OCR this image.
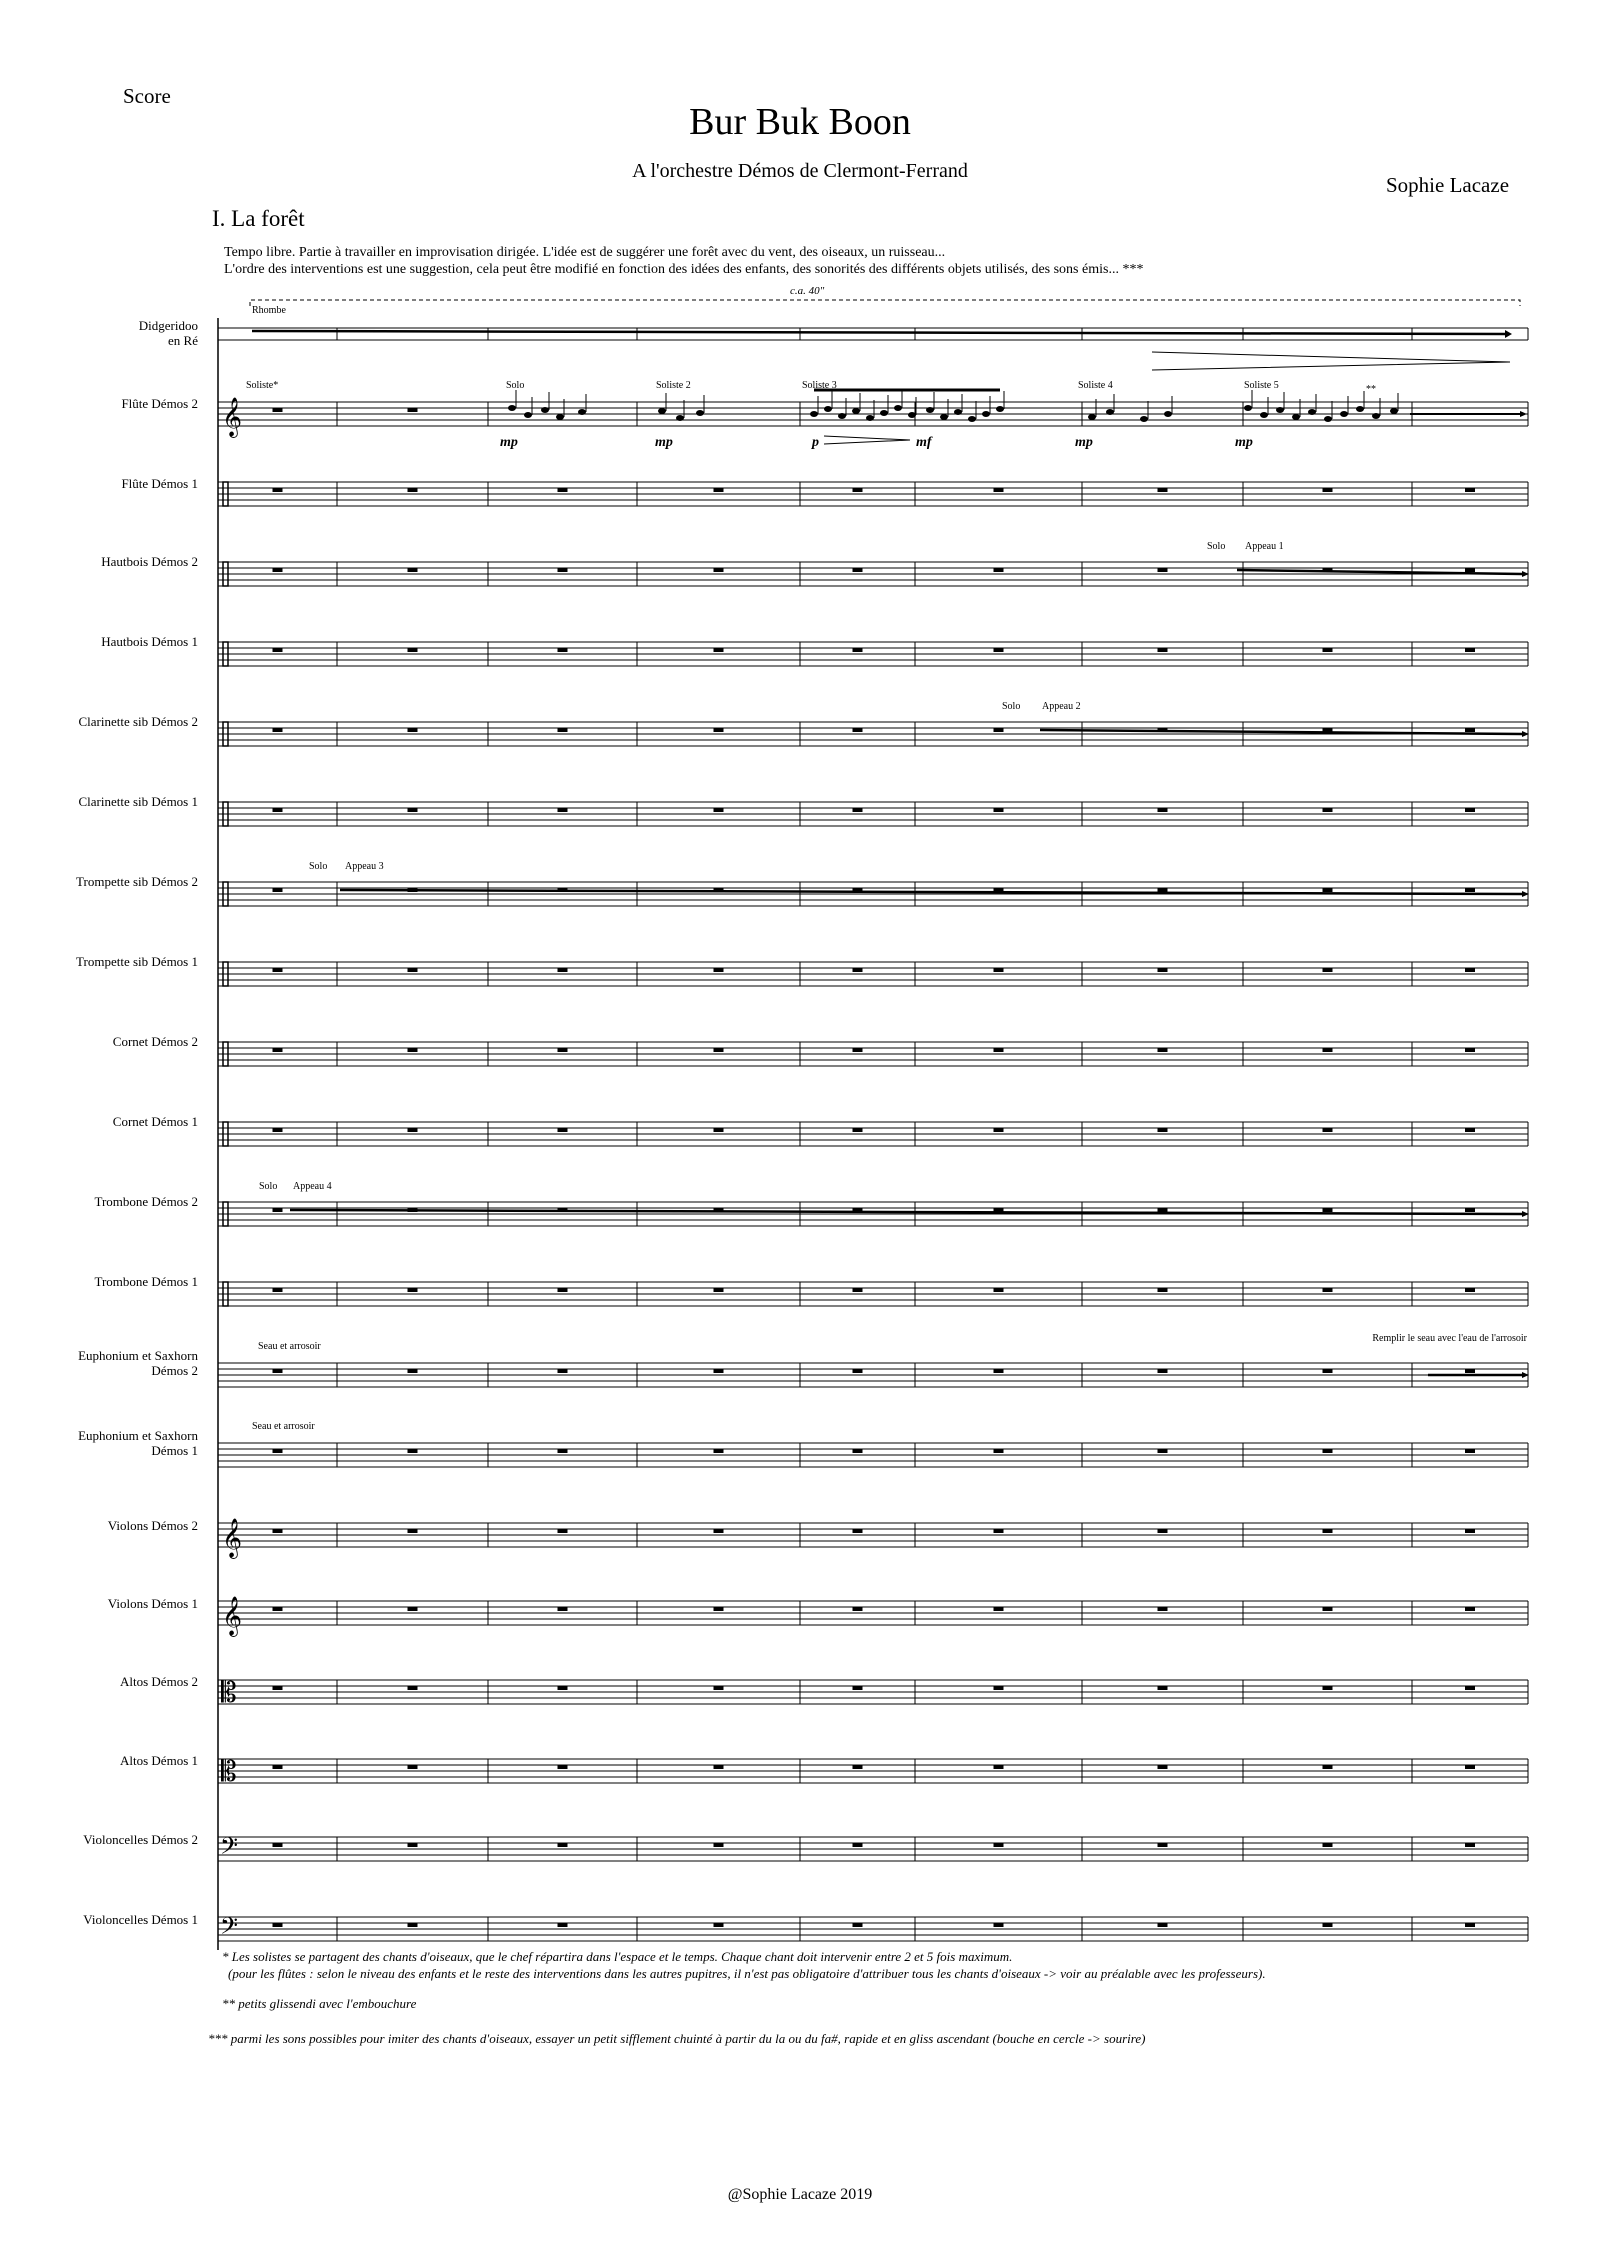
Score
Bur Buk Boon
A l'orchestre Démos de Clermont-Ferrand
Sophie Lacaze
I. La forêt
Tempo libre. Partie à travailler en improvisation dirigée. L'idée est de suggérer une forêt avec du vent, des oiseaux, un ruisseau...
L'ordre des interventions est une suggestion, cela peut être modifié en fonction des idées des enfants, des sonorités des différents objets utilisés, des sons émis... ***
c.a. 40"
Didgeridoo en Ré
Flûte Démos 2 𝄞
Flûte Démos 1
Hautbois Démos 2
Hautbois Démos 1
Clarinette sib Démos 2
Clarinette sib Démos 1
Trompette sib Démos 2
Trompette sib Démos 1
Cornet Démos 2
Cornet Démos 1
Trombone Démos 2
Trombone Démos 1
Euphonium et Saxhorn Démos 2
Euphonium et Saxhorn Démos 1
Violons Démos 2 𝄞
Violons Démos 1 𝄞
Altos Démos 2 𝄡
Altos Démos 1 𝄡
Violoncelles Démos 2 𝄢
Violoncelles Démos 1 𝄢
Rhombe
Soliste*	Solo	Soliste 2	Soliste 3	Soliste 4	Soliste 5
mp	mp	p	mf	mp	mp
**
Solo Appeau 1
Solo Appeau 2
Solo Appeau 3
Solo Appeau 4
Seau et arrosoir
Remplir le seau avec l'eau de l'arrosoir
Seau et arrosoir
* Les solistes se partagent des chants d'oiseaux, que le chef répartira dans l'espace et le temps. Chaque chant doit intervenir entre 2 et 5 fois maximum.
(pour les flûtes : selon le niveau des enfants et le reste des interventions dans les autres pupitres, il n'est pas obligatoire d'attribuer tous les chants d'oiseaux -> voir au préalable avec les professeurs).
** petits glissendi avec l'embouchure
*** parmi les sons possibles pour imiter des chants d'oiseaux, essayer un petit sifflement chuinté à partir du la ou du fa#, rapide et en gliss ascendant (bouche en cercle -> sourire)
@Sophie Lacaze 2019
